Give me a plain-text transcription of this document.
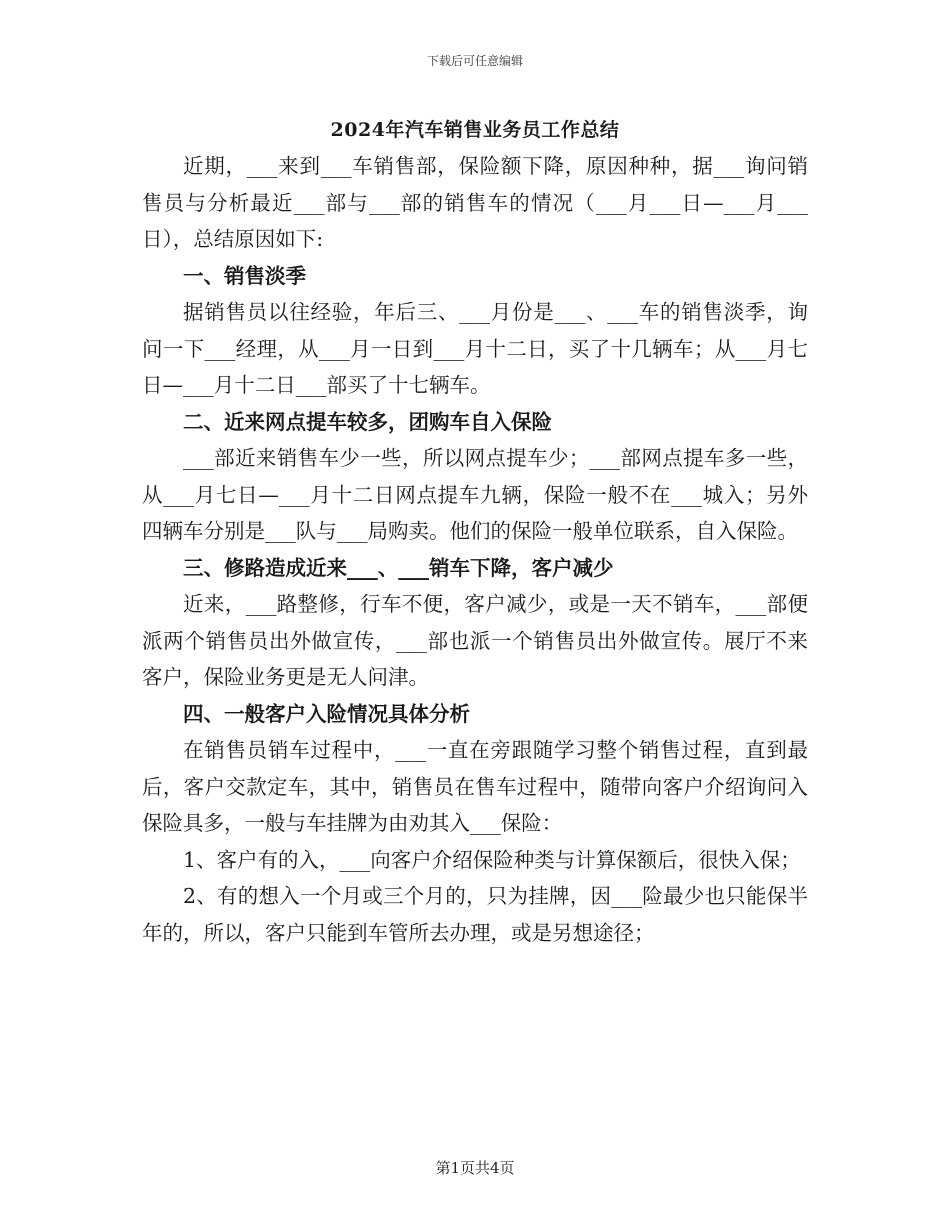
下载后可任意编辑
2024年汽车销售业务员工作总结

近期，___来到___车销售部，保险额下降，原因种种，据___询问销售员与分析最近___部与___部的销售车的情况（___月___日—___月___日），总结原因如下:

一、销售淡季

据销售员以往经验，年后三、___月份是___、___车的销售淡季，询问一下___经理，从___月一日到___月十二日，买了十几辆车；从___月七日—___月十二日___部买了十七辆车。

二、近来网点提车较多，团购车自入保险

___部近来销售车少一些，所以网点提车少；___部网点提车多一些，从___月七日—___月十二日网点提车九辆，保险一般不在___城入；另外四辆车分别是___队与___局购卖。他们的保险一般单位联系，自入保险。

三、修路造成近来___、___销车下降，客户减少

近来，___路整修，行车不便，客户减少，或是一天不销车，___部便派两个销售员出外做宣传，___部也派一个销售员出外做宣传。展厅不来客户，保险业务更是无人问津。

四、一般客户入险情况具体分析

在销售员销车过程中，___一直在旁跟随学习整个销售过程，直到最后，客户交款定车，其中，销售员在售车过程中，随带向客户介绍询问入保险具多，一般与车挂牌为由劝其入___保险：

1、客户有的入，___向客户介绍保险种类与计算保额后，很快入保；

2、有的想入一个月或三个月的，只为挂牌，因___险最少也只能保半年的，所以，客户只能到车管所去办理，或是另想途径；

第1页共4页
